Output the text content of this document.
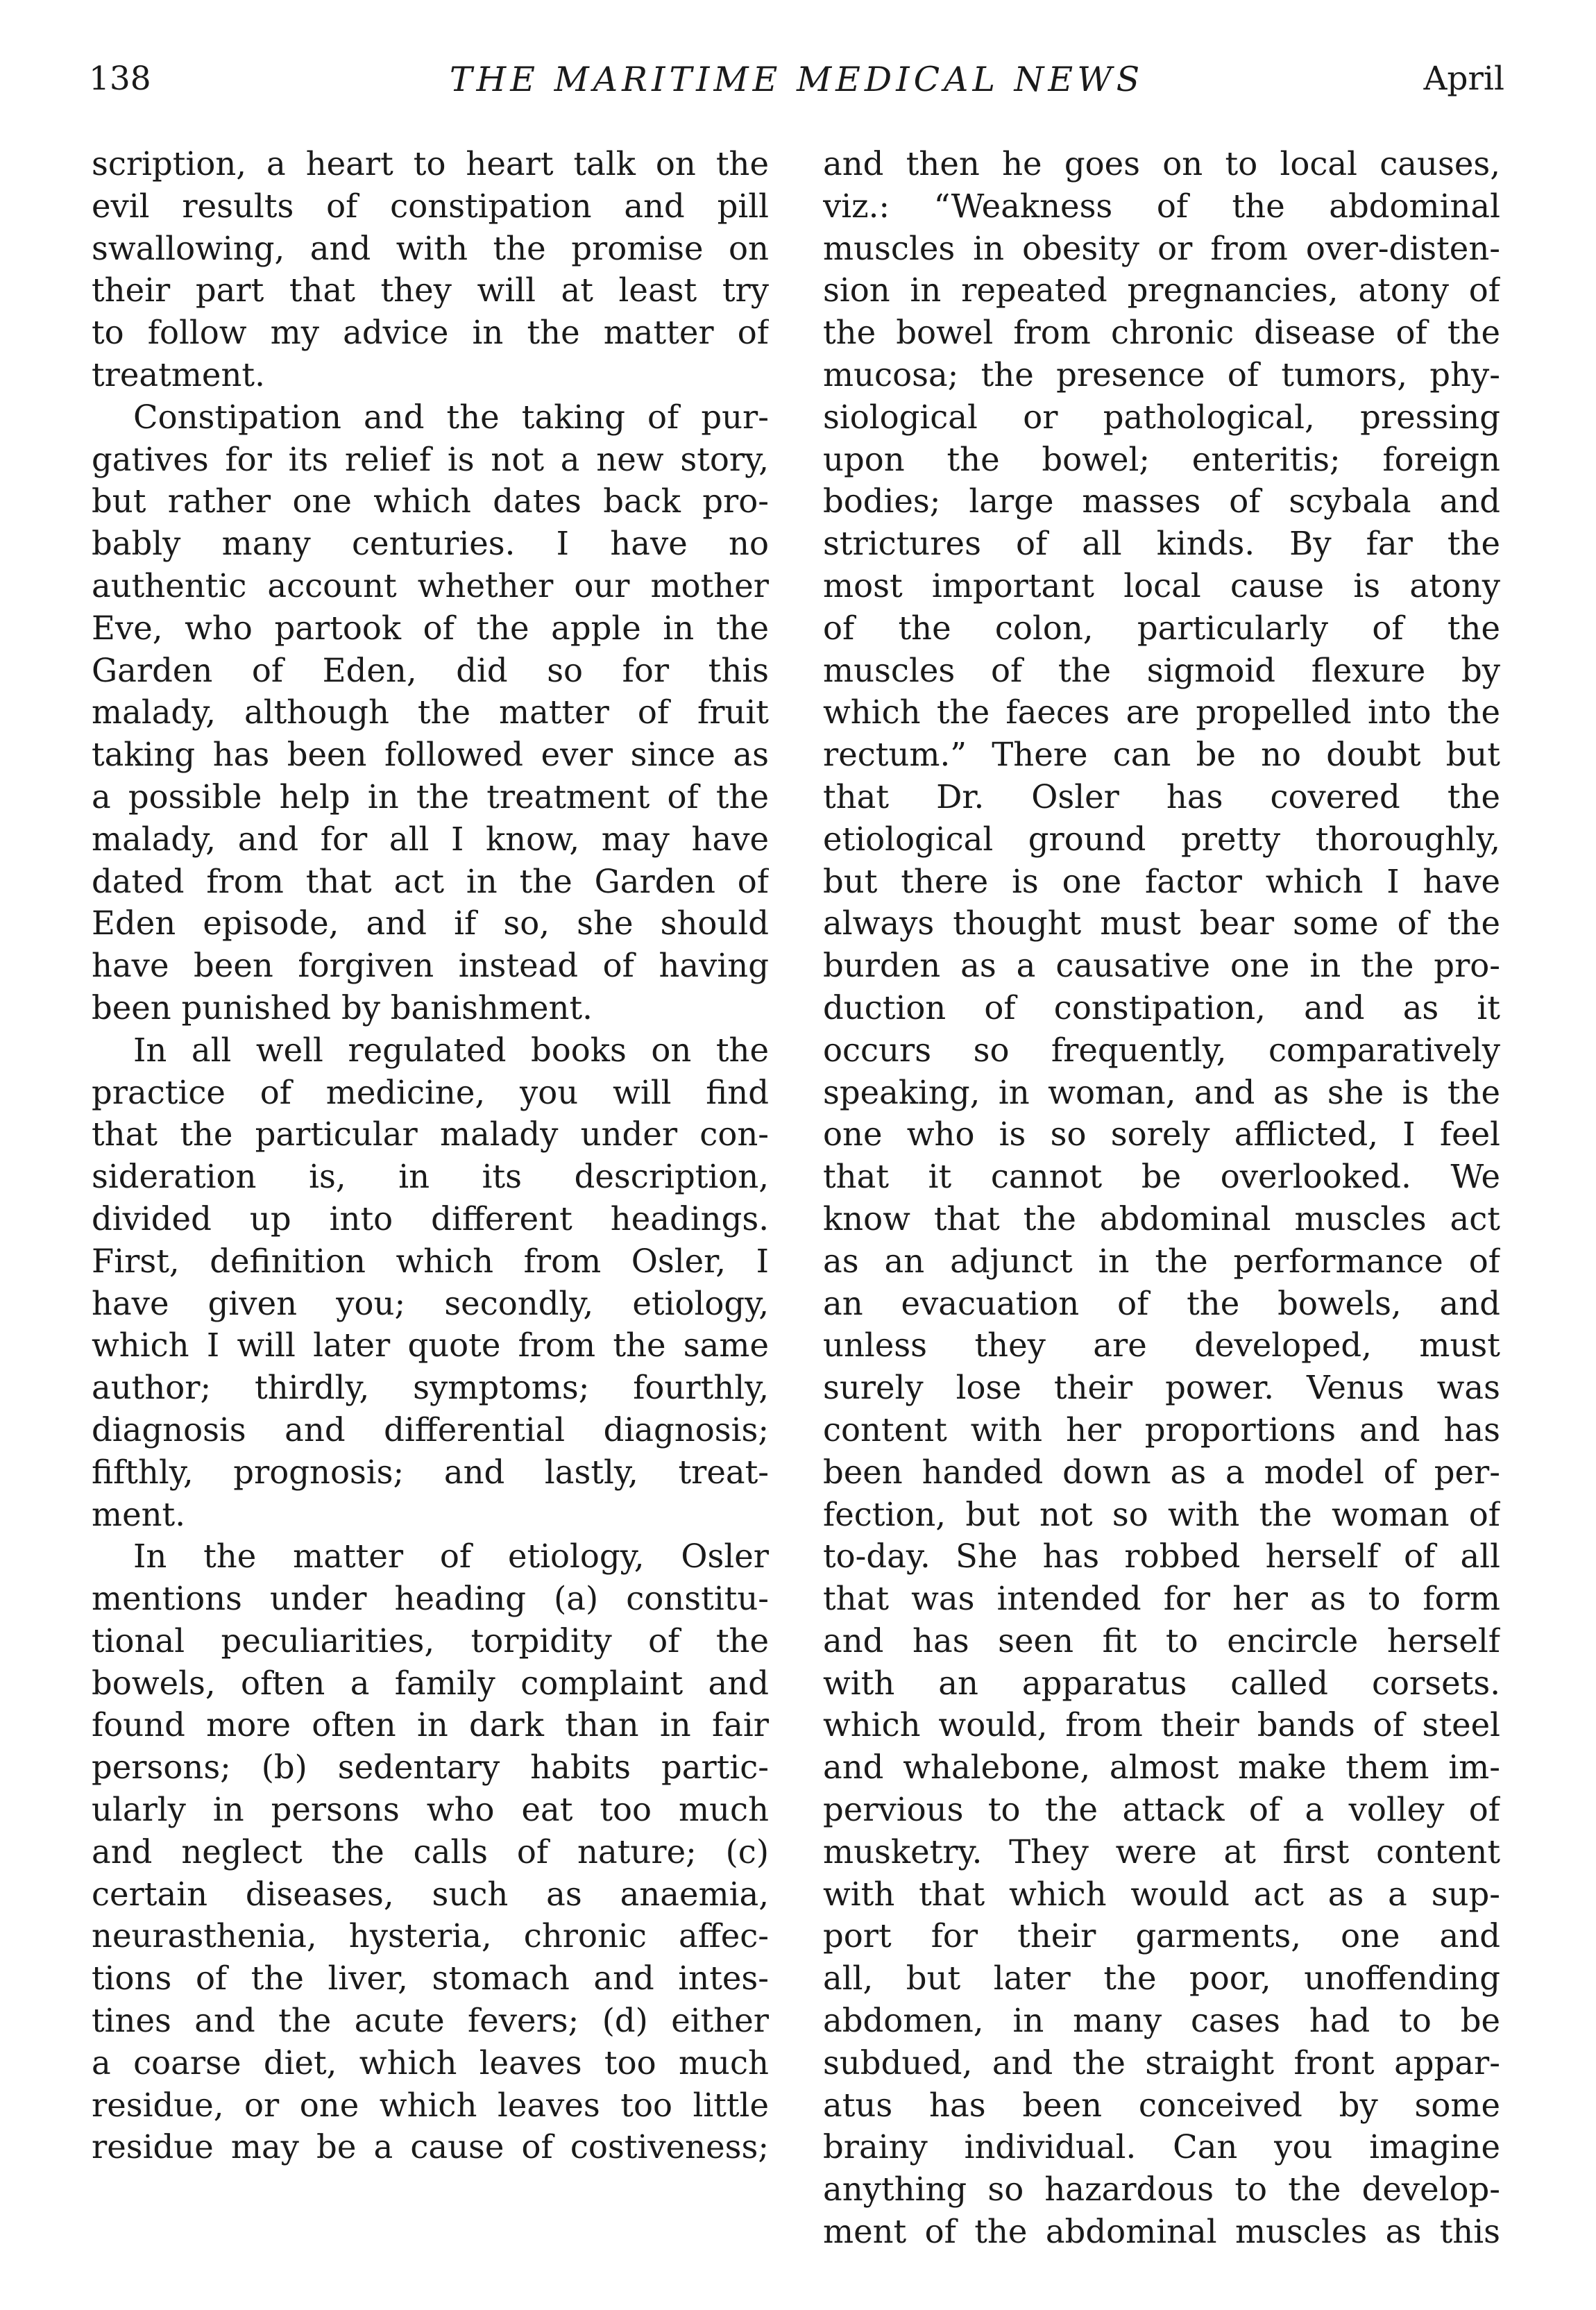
138	THE MARITIME MEDICAL NEWS	April
scription, a heart to heart talk on the
evil results of constipation and pill
swallowing, and with the promise on
their part that they will at least try
to follow my advice in the matter of
treatment.
Constipation and the taking of pur-
gatives for its relief is not a new story,
but rather one which dates back pro-
bably many centuries. I have no
authentic account whether our mother
Eve, who partook of the apple in the
Garden of Eden, did so for this
malady, although the matter of fruit
taking has been followed ever since as
a possible help in the treatment of the
malady, and for all I know, may have
dated from that act in the Garden of
Eden episode, and if so, she should
have been forgiven instead of having
been punished by banishment.
In all well regulated books on the
practice of medicine, you will find
that the particular malady under con-
sideration is, in its description,
divided up into different headings.
First, definition which from Osler, I
have given you; secondly, etiology,
which I will later quote from the same
author; thirdly, symptoms; fourthly,
diagnosis and differential diagnosis;
fifthly, prognosis; and lastly, treat-
ment.
In the matter of etiology, Osler
mentions under heading (a) constitu-
tional peculiarities, torpidity of the
bowels, often a family complaint and
found more often in dark than in fair
persons; (b) sedentary habits partic-
ularly in persons who eat too much
and neglect the calls of nature; (c)
certain diseases, such as anaemia,
neurasthenia, hysteria, chronic affec-
tions of the liver, stomach and intes-
tines and the acute fevers; (d) either
a coarse diet, which leaves too much
residue, or one which leaves too little
residue may be a cause of costiveness;
and then he goes on to local causes,
viz.: “Weakness of the abdominal
muscles in obesity or from over-disten-
sion in repeated pregnancies, atony of
the bowel from chronic disease of the
mucosa; the presence of tumors, phy-
siological or pathological, pressing
upon the bowel; enteritis; foreign
bodies; large masses of scybala and
strictures of all kinds. By far the
most important local cause is atony
of the colon, particularly of the
muscles of the sigmoid flexure by
which the faeces are propelled into the
rectum.” There can be no doubt but
that Dr. Osler has covered the
etiological ground pretty thoroughly,
but there is one factor which I have
always thought must bear some of the
burden as a causative one in the pro-
duction of constipation, and as it
occurs so frequently, comparatively
speaking, in woman, and as she is the
one who is so sorely afflicted, I feel
that it cannot be overlooked. We
know that the abdominal muscles act
as an adjunct in the performance of
an evacuation of the bowels, and
unless they are developed, must
surely lose their power. Venus was
content with her proportions and has
been handed down as a model of per-
fection, but not so with the woman of
to-day. She has robbed herself of all
that was intended for her as to form
and has seen fit to encircle herself
with an apparatus called corsets.
which would, from their bands of steel
and whalebone, almost make them im-
pervious to the attack of a volley of
musketry. They were at first content
with that which would act as a sup-
port for their garments, one and
all, but later the poor, unoffending
abdomen, in many cases had to be
subdued, and the straight front appar-
atus has been conceived by some
brainy individual. Can you imagine
anything so hazardous to the develop-
ment of the abdominal muscles as this
